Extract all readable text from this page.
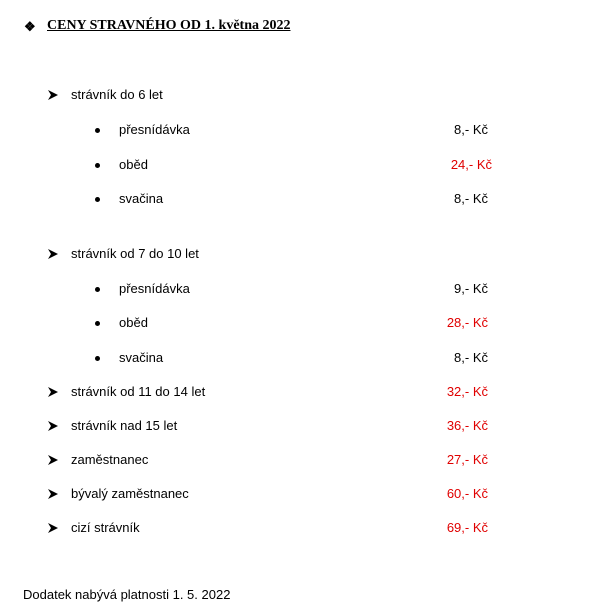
❖ CENY STRAVNÉHO OD 1. května 2022
strávník do 6 let
přesnídávka	8,- Kč
oběd	24,- Kč
svačina	8,- Kč
strávník od 7 do 10 let
přesnídávka	9,- Kč
oběd	28,- Kč
svačina	8,- Kč
strávník od 11 do 14 let	32,- Kč
strávník nad 15 let	36,- Kč
zaměstnanec	27,- Kč
bývalý zaměstnanec	60,- Kč
cizí strávník	69,- Kč
Dodatek nabývá platnosti 1. 5. 2022
